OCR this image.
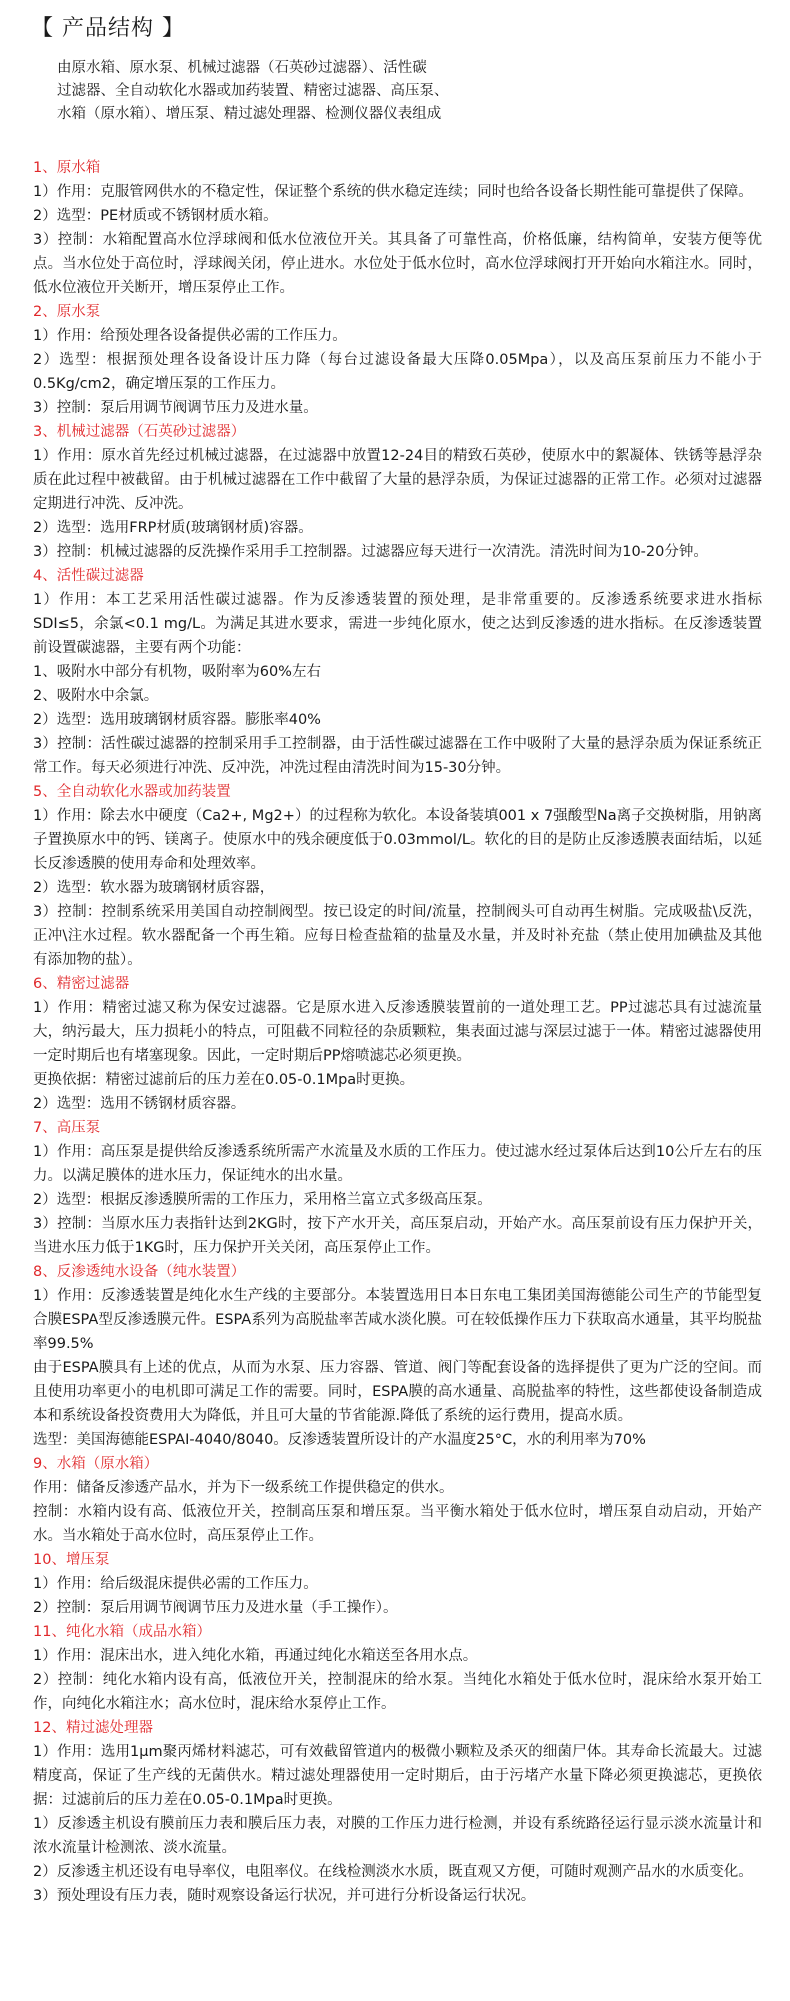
【 产品结构 】
由原水箱、原水泵、机械过滤器（石英砂过滤器）、活性碳
过滤器、全自动软化水器或加药装置、精密过滤器、高压泵、
水箱（原水箱）、增压泵、精过滤处理器、检测仪器仪表组成
1、原水箱

1）作用：克服管网供水的不稳定性，保证整个系统的供水稳定连续；同时也给各设备长期性能可靠提供了保障。

2）选型：PE材质或不锈钢材质水箱。

3）控制：水箱配置高水位浮球阀和低水位液位开关。其具备了可靠性高，价格低廉，结构简单，安装方便等优点。当水位处于高位时，浮球阀关闭，停止进水。水位处于低水位时，高水位浮球阀打开开始向水箱注水。同时，低水位液位开关断开，增压泵停止工作。

2、原水泵

1）作用：给预处理各设备提供必需的工作压力。

2）选型：根据预处理各设备设计压力降（每台过滤设备最大压降0.05Mpa），以及高压泵前压力不能小于0.5Kg/cm2，确定增压泵的工作压力。

3）控制：泵后用调节阀调节压力及进水量。

3、机械过滤器（石英砂过滤器）

1）作用：原水首先经过机械过滤器，在过滤器中放置12-24目的精致石英砂，使原水中的絮凝体、铁锈等悬浮杂质在此过程中被截留。由于机械过滤器在工作中截留了大量的悬浮杂质，为保证过滤器的正常工作。必须对过滤器定期进行冲洗、反冲洗。

2）选型：选用FRP材质(玻璃钢材质)容器。

3）控制：机械过滤器的反洗操作采用手工控制器。过滤器应每天进行一次清洗。清洗时间为10-20分钟。

4、活性碳过滤器

1）作用：本工艺采用活性碳过滤器。作为反渗透装置的预处理，是非常重要的。反渗透系统要求进水指标SDI≤5，余氯<0.1 mg/L。为满足其进水要求，需进一步纯化原水，使之达到反渗透的进水指标。在反渗透装置前设置碳滤器，主要有两个功能：

1、吸附水中部分有机物，吸附率为60%左右

2、吸附水中余氯。

2）选型：选用玻璃钢材质容器。膨胀率40%

3）控制：活性碳过滤器的控制采用手工控制器，由于活性碳过滤器在工作中吸附了大量的悬浮杂质为保证系统正常工作。每天必须进行冲洗、反冲洗，冲洗过程由清洗时间为15-30分钟。

5、全自动软化水器或加药装置

1）作用：除去水中硬度（Ca2+, Mg2+）的过程称为软化。本设备装填001 x 7强酸型Na离子交换树脂，用钠离子置换原水中的钙、镁离子。使原水中的残余硬度低于0.03mmol/L。软化的目的是防止反渗透膜表面结垢，以延长反渗透膜的使用寿命和处理效率。

2）选型：软水器为玻璃钢材质容器，

3）控制：控制系统采用美国自动控制阀型。按已设定的时间/流量，控制阀头可自动再生树脂。完成吸盐\反洗，正冲\注水过程。软水器配备一个再生箱。应每日检查盐箱的盐量及水量，并及时补充盐（禁止使用加碘盐及其他有添加物的盐）。

6、精密过滤器

1）作用：精密过滤又称为保安过滤器。它是原水进入反渗透膜装置前的一道处理工艺。PP过滤芯具有过滤流量大，纳污最大，压力损耗小的特点，可阻截不同粒径的杂质颗粒，集表面过滤与深层过滤于一体。精密过滤器使用一定时期后也有堵塞现象。因此，一定时期后PP熔喷滤芯必须更换。

更换依据：精密过滤前后的压力差在0.05-0.1Mpa时更换。

2）选型：选用不锈钢材质容器。

7、高压泵

1）作用：高压泵是提供给反渗透系统所需产水流量及水质的工作压力。使过滤水经过泵体后达到10公斤左右的压力。以满足膜体的进水压力，保证纯水的出水量。

2）选型：根据反渗透膜所需的工作压力，采用格兰富立式多级高压泵。

3）控制：当原水压力表指针达到2KG时，按下产水开关，高压泵启动，开始产水。高压泵前设有压力保护开关，当进水压力低于1KG时，压力保护开关关闭，高压泵停止工作。

8、反渗透纯水设备（纯水装置）

1）作用：反渗透装置是纯化水生产线的主要部分。本装置选用日本日东电工集团美国海德能公司生产的节能型复合膜ESPA型反渗透膜元件。ESPA系列为高脱盐率苦咸水淡化膜。可在较低操作压力下获取高水通量，其平均脱盐率99.5%

由于ESPA膜具有上述的优点，从而为水泵、压力容器、管道、阀门等配套设备的选择提供了更为广泛的空间。而且使用功率更小的电机即可满足工作的需要。同时，ESPA膜的高水通量、高脱盐率的特性，这些都使设备制造成本和系统设备投资费用大为降低，并且可大量的节省能源.降低了系统的运行费用，提高水质。

选型：美国海德能ESPAI-4040/8040。反渗透装置所设计的产水温度25°C，水的利用率为70%

9、水箱（原水箱）

作用：储备反渗透产品水，并为下一级系统工作提供稳定的供水。

控制：水箱内设有高、低液位开关，控制高压泵和增压泵。当平衡水箱处于低水位时，增压泵自动启动，开始产水。当水箱处于高水位时，高压泵停止工作。

10、增压泵

1）作用：给后级混床提供必需的工作压力。

2）控制：泵后用调节阀调节压力及进水量（手工操作）。

11、纯化水箱（成品水箱）

1）作用：混床出水，进入纯化水箱，再通过纯化水箱送至各用水点。

2）控制：纯化水箱内设有高，低液位开关，控制混床的给水泵。当纯化水箱处于低水位时，混床给水泵开始工作，向纯化水箱注水；高水位时，混床给水泵停止工作。

12、精过滤处理器

1）作用：选用1μm聚丙烯材料滤芯，可有效截留管道内的极微小颗粒及杀灭的细菌尸体。其寿命长流最大。过滤精度高，保证了生产线的无菌供水。精过滤处理器使用一定时期后，由于污堵产水量下降必须更换滤芯，更换依据：过滤前后的压力差在0.05-0.1Mpa时更换。

1）反渗透主机设有膜前压力表和膜后压力表，对膜的工作压力进行检测，并设有系统路径运行显示淡水流量计和浓水流量计检测浓、淡水流量。

2）反渗透主机还设有电导率仪，电阻率仪。在线检测淡水水质，既直观又方便，可随时观测产品水的水质变化。

3）预处理设有压力表，随时观察设备运行状况，并可进行分析设备运行状况。
